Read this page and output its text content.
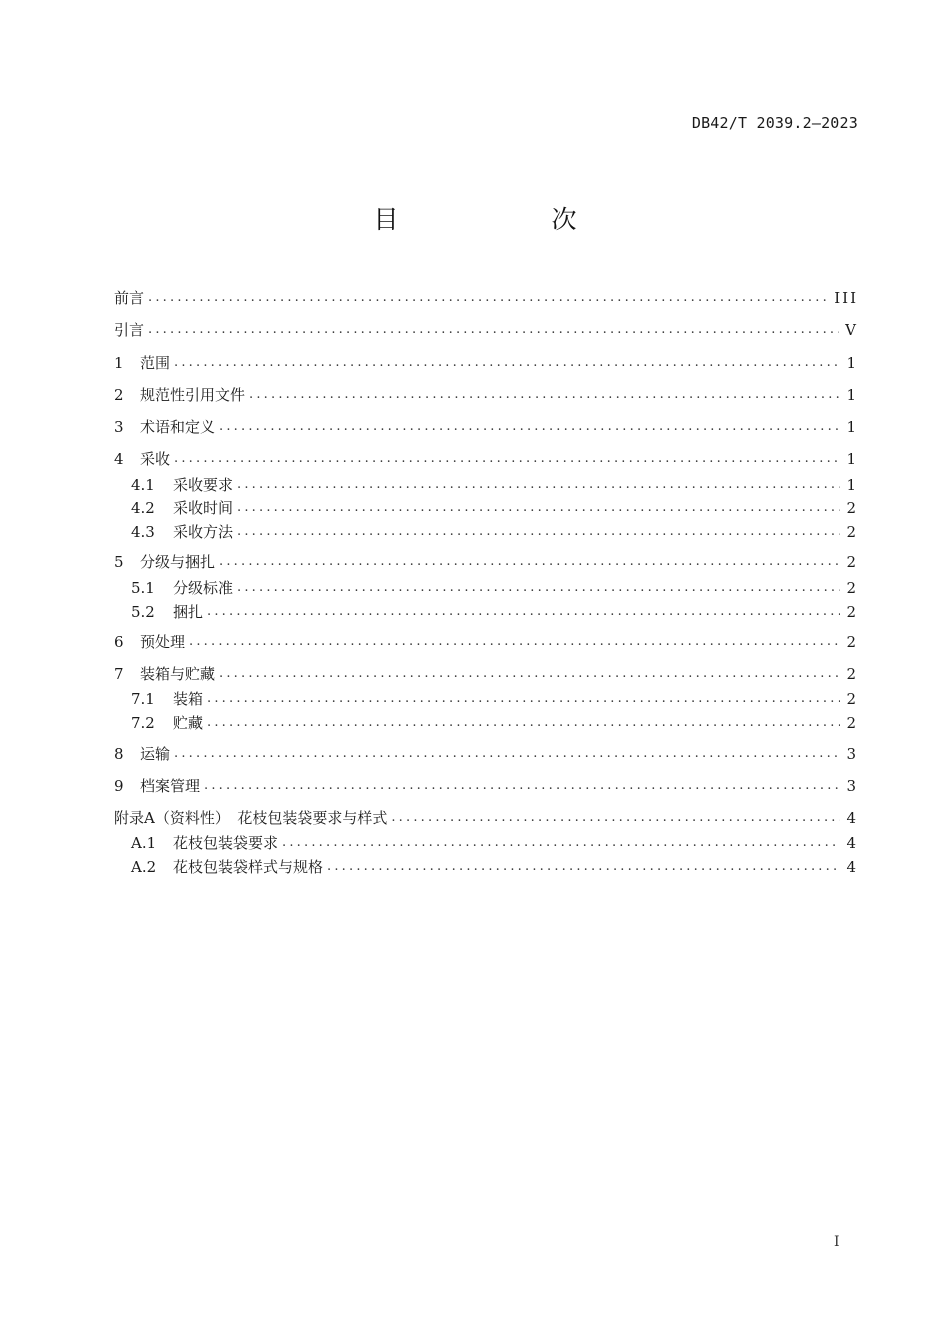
DB42/T 2039.2—2023
目　次
前言 .....	III
引言 .....	V
1	范围 .....	1
2	规范性引用文件 .....	1
3	术语和定义 .....	1
4	采收 .....	1
4.1	采收要求 .....	1
4.2	采收时间 .....	2
4.3	采收方法 .....	2
5	分级与捆扎 .....	2
5.1	分级标准 .....	2
5.2	捆扎 .....	2
6	预处理 .....	2
7	装箱与贮藏 .....	2
7.1	装箱 .....	2
7.2	贮藏 .....	2
8	运输 .....	3
9	档案管理 .....	3
附录A（资料性）　花枝包装袋要求与样式 .....	4
A.1	花枝包装袋要求 .....	4
A.2	花枝包装袋样式与规格 .....	4
I
